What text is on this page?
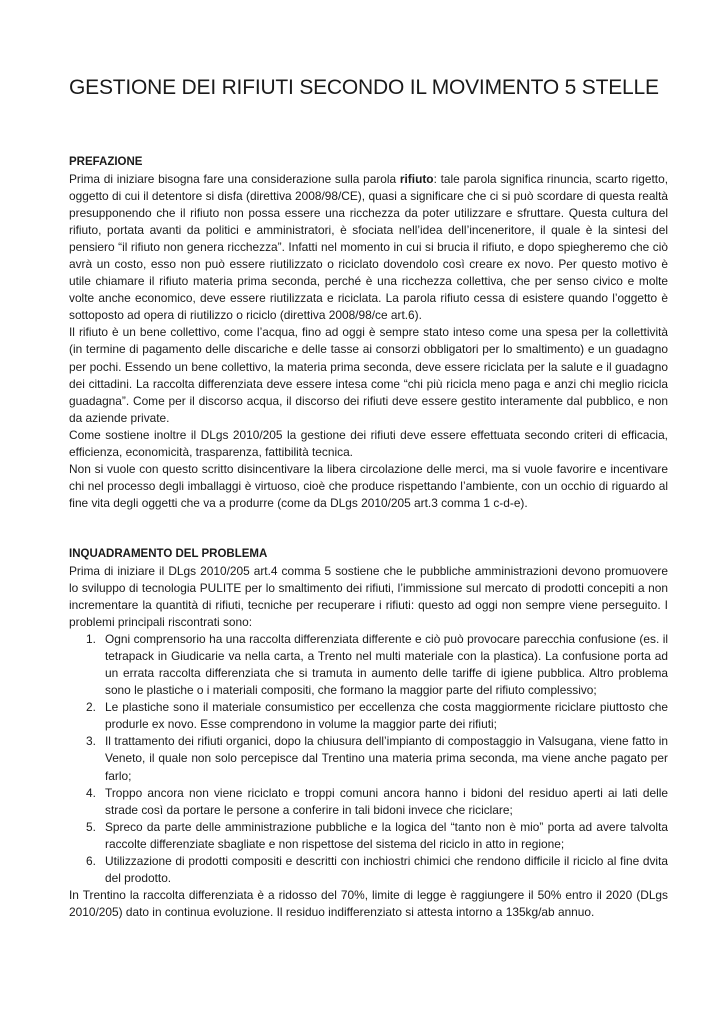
GESTIONE DEI RIFIUTI SECONDO IL MOVIMENTO 5 STELLE
PREFAZIONE

Prima di iniziare bisogna fare una considerazione sulla parola rifiuto: tale parola significa rinuncia, scarto rigetto, oggetto di cui il detentore si disfa (direttiva 2008/98/CE), quasi a significare che ci si può scordare di questa realtà presupponendo che il rifiuto non possa essere una ricchezza da poter utilizzare e sfruttare. Questa cultura del rifiuto, portata avanti da politici e amministratori, è sfociata nell’idea dell’inceneritore, il quale è la sintesi del pensiero “il rifiuto non genera ricchezza”. Infatti nel momento in cui si brucia il rifiuto, e dopo spiegheremo che ciò avrà un costo, esso non può essere riutilizzato o riciclato dovendolo così creare ex novo. Per questo motivo è utile chiamare il rifiuto materia prima seconda, perché è una ricchezza collettiva, che per senso civico e molte volte anche economico, deve essere riutilizzata e riciclata. La parola rifiuto cessa di esistere quando l’oggetto è sottoposto ad opera di riutilizzo o riciclo (direttiva 2008/98/ce art.6).

Il rifiuto è un bene collettivo, come l’acqua, fino ad oggi è sempre stato inteso come una spesa per la collettività (in termine di pagamento delle discariche e delle tasse ai consorzi obbligatori per lo smaltimento) e un guadagno per pochi. Essendo un bene collettivo, la materia prima seconda, deve essere riciclata per la salute e il guadagno dei cittadini. La raccolta differenziata deve essere intesa come “chi più ricicla meno paga e anzi chi meglio ricicla guadagna”. Come per il discorso acqua, il discorso dei rifiuti deve essere gestito interamente dal pubblico, e non da aziende private.

Come sostiene inoltre il DLgs 2010/205 la gestione dei rifiuti deve essere effettuata secondo criteri di efficacia, efficienza, economicità, trasparenza, fattibilità tecnica.

Non si vuole con questo scritto disincentivare la libera circolazione delle merci, ma si vuole favorire e incentivare chi nel processo degli imballaggi è virtuoso, cioè che produce rispettando l’ambiente, con un occhio di riguardo al fine vita degli oggetti che va a produrre (come da DLgs 2010/205 art.3 comma 1 c-d-e).

INQUADRAMENTO DEL PROBLEMA

Prima di iniziare il DLgs 2010/205 art.4 comma 5 sostiene che le pubbliche amministrazioni devono promuovere lo sviluppo di tecnologia PULITE per lo smaltimento dei rifiuti, l’immissione sul mercato di prodotti concepiti a non incrementare la quantità di rifiuti, tecniche per recuperare i rifiuti: questo ad oggi non sempre viene perseguito. I problemi principali riscontrati sono:

1. Ogni comprensorio ha una raccolta differenziata differente e ciò può provocare parecchia confusione (es. il tetrapack in Giudicarie va nella carta, a Trento nel multi materiale con la plastica). La confusione porta ad un errata raccolta differenziata che si tramuta in aumento delle tariffe di igiene pubblica. Altro problema sono le plastiche o i materiali compositi, che formano la maggior parte del rifiuto complessivo;
2. Le plastiche sono il materiale consumistico per eccellenza che costa maggiormente riciclare piuttosto che produrle ex novo. Esse comprendono in volume la maggior parte dei rifiuti;
3. Il trattamento dei rifiuti organici, dopo la chiusura dell’impianto di compostaggio in Valsugana, viene fatto in Veneto, il quale non solo percepisce dal Trentino una materia prima seconda, ma viene anche pagato per farlo;
4. Troppo ancora non viene riciclato e troppi comuni ancora hanno i bidoni del residuo aperti ai lati delle strade così da portare le persone a conferire in tali bidoni invece che riciclare;
5. Spreco da parte delle amministrazione pubbliche e la logica del “tanto non è mio” porta ad avere talvolta raccolte differenziate sbagliate e non rispettose del sistema del riciclo in atto in regione;
6. Utilizzazione di prodotti compositi e descritti con inchiostri chimici che rendono difficile il riciclo al fine dvita del prodotto.

In Trentino la raccolta differenziata è a ridosso del 70%, limite di legge è raggiungere il 50% entro il 2020 (DLgs 2010/205) dato in continua evoluzione. Il residuo indifferenziato si attesta intorno a 135kg/ab annuo.
